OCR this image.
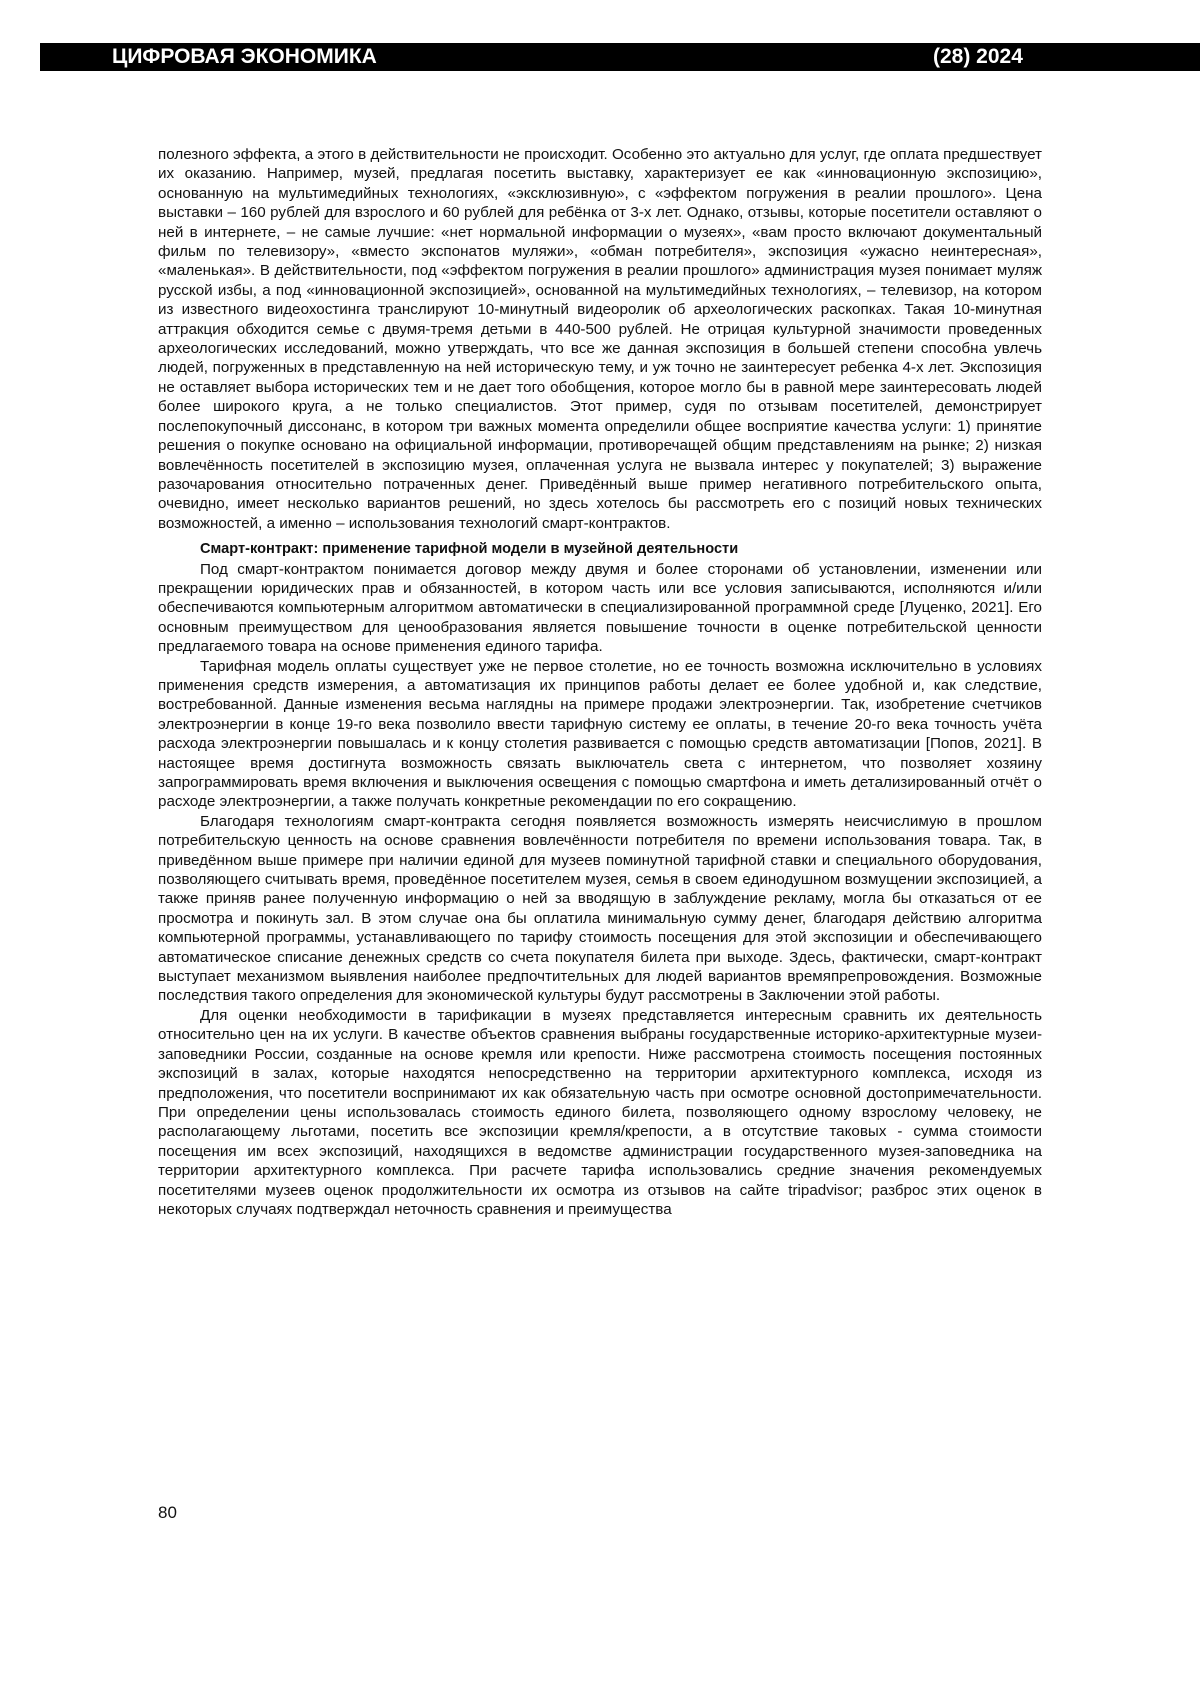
ЦИФРОВАЯ ЭКОНОМИКА	(28) 2024

полезного эффекта, а этого в действительности не происходит. Особенно это актуально для услуг, где оплата предшествует их оказанию. Например, музей, предлагая посетить выставку, характеризует ее как «инновационную экспозицию», основанную на мультимедийных технологиях, «эксклюзивную», с «эффектом погружения в реалии прошлого». Цена выставки – 160 рублей для взрослого и 60 рублей для ребёнка от 3-х лет. Однако, отзывы, которые посетители оставляют о ней в интернете, – не самые лучшие: «нет нормальной информации о музеях», «вам просто включают документальный фильм по телевизору», «вместо экспонатов муляжи», «обман потребителя», экспозиция «ужасно неинтересная», «маленькая». В действительности, под «эффектом погружения в реалии прошлого» администрация музея понимает муляж русской избы, а под «инновационной экспозицией», основанной на мультимедийных технологиях, – телевизор, на котором из известного видеохостинга транслируют 10-минутный видеоролик об археологических раскопках. Такая 10-минутная аттракция обходится семье с двумя-тремя детьми в 440-500 рублей. Не отрицая культурной значимости проведенных археологических исследований, можно утверждать, что все же данная экспозиция в большей степени способна увлечь людей, погруженных в представленную на ней историческую тему, и уж точно не заинтересует ребенка 4-х лет. Экспозиция не оставляет выбора исторических тем и не дает того обобщения, которое могло бы в равной мере заинтересовать людей более широкого круга, а не только специалистов. Этот пример, судя по отзывам посетителей, демонстрирует послепокупочный диссонанс, в котором три важных момента определили общее восприятие качества услуги: 1) принятие решения о покупке основано на официальной информации, противоречащей общим представлениям на рынке; 2) низкая вовлечённость посетителей в экспозицию музея, оплаченная услуга не вызвала интерес у покупателей; 3) выражение разочарования относительно потраченных денег. Приведённый выше пример негативного потребительского опыта, очевидно, имеет несколько вариантов решений, но здесь хотелось бы рассмотреть его с позиций новых технических возможностей, а именно – использования технологий смарт-контрактов.

Смарт-контракт: применение тарифной модели в музейной деятельности

Под смарт-контрактом понимается договор между двумя и более сторонами об установлении, изменении или прекращении юридических прав и обязанностей, в котором часть или все условия записываются, исполняются и/или обеспечиваются компьютерным алгоритмом автоматически в специализированной программной среде [Луценко, 2021]. Его основным преимуществом для ценообразования является повышение точности в оценке потребительской ценности предлагаемого товара на основе применения единого тарифа.

Тарифная модель оплаты существует уже не первое столетие, но ее точность возможна исключительно в условиях применения средств измерения, а автоматизация их принципов работы делает ее более удобной и, как следствие, востребованной. Данные изменения весьма наглядны на примере продажи электроэнергии. Так, изобретение счетчиков электроэнергии в конце 19-го века позволило ввести тарифную систему ее оплаты, в течение 20-го века точность учёта расхода электроэнергии повышалась и к концу столетия развивается с помощью средств автоматизации [Попов, 2021]. В настоящее время достигнута возможность связать выключатель света с интернетом, что позволяет хозяину запрограммировать время включения и выключения освещения с помощью смартфона и иметь детализированный отчёт о расходе электроэнергии, а также получать конкретные рекомендации по его сокращению.

Благодаря технологиям смарт-контракта сегодня появляется возможность измерять неисчислимую в прошлом потребительскую ценность на основе сравнения вовлечённости потребителя по времени использования товара. Так, в приведённом выше примере при наличии единой для музеев поминутной тарифной ставки и специального оборудования, позволяющего считывать время, проведённое посетителем музея, семья в своем единодушном возмущении экспозицией, а также приняв ранее полученную информацию о ней за вводящую в заблуждение рекламу, могла бы отказаться от ее просмотра и покинуть зал. В этом случае она бы оплатила минимальную сумму денег, благодаря действию алгоритма компьютерной программы, устанавливающего по тарифу стоимость посещения для этой экспозиции и обеспечивающего автоматическое списание денежных средств со счета покупателя билета при выходе. Здесь, фактически, смарт-контракт выступает механизмом выявления наиболее предпочтительных для людей вариантов времяпрепровождения. Возможные последствия такого определения для экономической культуры будут рассмотрены в Заключении этой работы.

Для оценки необходимости в тарификации в музеях представляется интересным сравнить их деятельность относительно цен на их услуги. В качестве объектов сравнения выбраны государственные историко-архитектурные музеи-заповедники России, созданные на основе кремля или крепости. Ниже рассмотрена стоимость посещения постоянных экспозиций в залах, которые находятся непосредственно на территории архитектурного комплекса, исходя из предположения, что посетители воспринимают их как обязательную часть при осмотре основной достопримечательности. При определении цены использовалась стоимость единого билета, позволяющего одному взрослому человеку, не располагающему льготами, посетить все экспозиции кремля/крепости, а в отсутствие таковых - сумма стоимости посещения им всех экспозиций, находящихся в ведомстве администрации государственного музея-заповедника на территории архитектурного комплекса. При расчете тарифа использовались средние значения рекомендуемых посетителями музеев оценок продолжительности их осмотра из отзывов на сайте tripadvisor; разброс этих оценок в некоторых случаях подтверждал неточность сравнения и преимущества

80
